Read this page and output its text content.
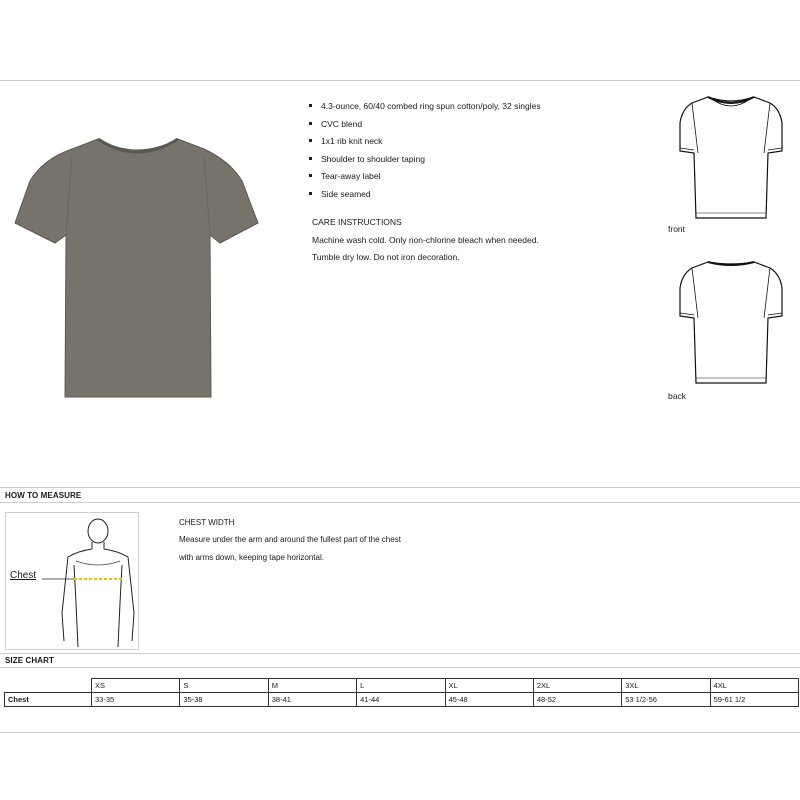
4.3-ounce, 60/40 combed ring spun cotton/poly, 32 singles
CVC blend
1x1 rib knit neck
Shoulder to shoulder taping
Tear-away label
Side seamed
CARE INSTRUCTIONS
Machine wash cold. Only non-chlorine bleach when needed.
Tumble dry low. Do not iron decoration.
front
back
HOW TO MEASURE
Chest
CHEST WIDTH
Measure under the arm and around the fullest part of the chest
with arms down, keeping tape horizontal.
SIZE CHART
	XS	S	M	L	XL	2XL	3XL	4XL
Chest	33-35	35-38	38-41	41-44	45-48	48-52	53 1/2-56	59-61 1/2
